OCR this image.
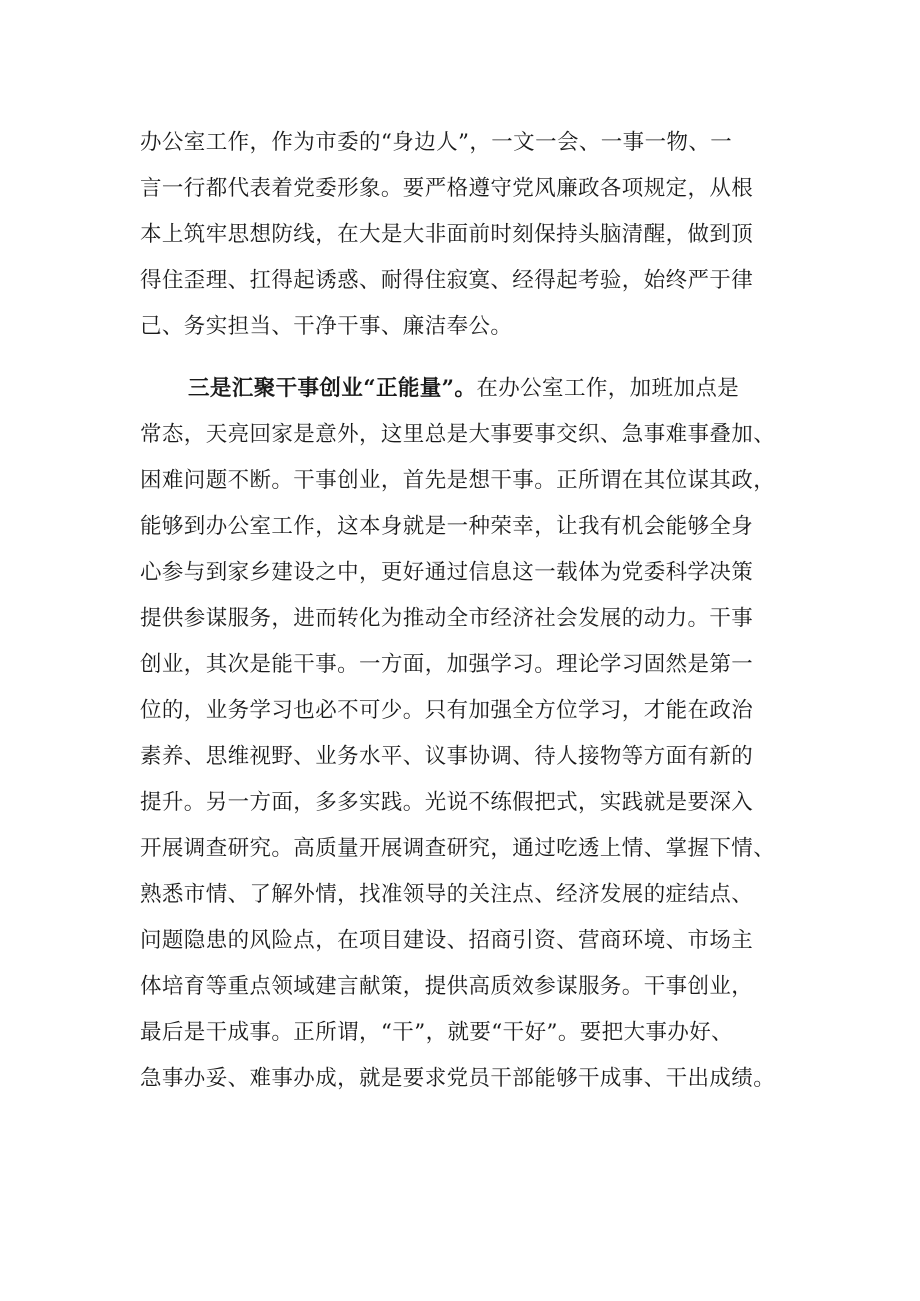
办公室工作，作为市委的“身边人”，一文一会、一事一物、一
言一行都代表着党委形象。要严格遵守党风廉政各项规定，从根
本上筑牢思想防线，在大是大非面前时刻保持头脑清醒，做到顶
得住歪理、扛得起诱惑、耐得住寂寞、经得起考验，始终严于律
己、务实担当、干净干事、廉洁奉公。
三是汇聚干事创业“正能量”。在办公室工作，加班加点是
常态，天亮回家是意外，这里总是大事要事交织、急事难事叠加、
困难问题不断。干事创业，首先是想干事。正所谓在其位谋其政，
能够到办公室工作，这本身就是一种荣幸，让我有机会能够全身
心参与到家乡建设之中，更好通过信息这一载体为党委科学决策
提供参谋服务，进而转化为推动全市经济社会发展的动力。干事
创业，其次是能干事。一方面，加强学习。理论学习固然是第一
位的，业务学习也必不可少。只有加强全方位学习，才能在政治
素养、思维视野、业务水平、议事协调、待人接物等方面有新的
提升。另一方面，多多实践。光说不练假把式，实践就是要深入
开展调查研究。高质量开展调查研究，通过吃透上情、掌握下情、
熟悉市情、了解外情，找准领导的关注点、经济发展的症结点、
问题隐患的风险点，在项目建设、招商引资、营商环境、市场主
体培育等重点领域建言献策，提供高质效参谋服务。干事创业，
最后是干成事。正所谓，“干”，就要“干好”。要把大事办好、
急事办妥、难事办成，就是要求党员干部能够干成事、干出成绩。
